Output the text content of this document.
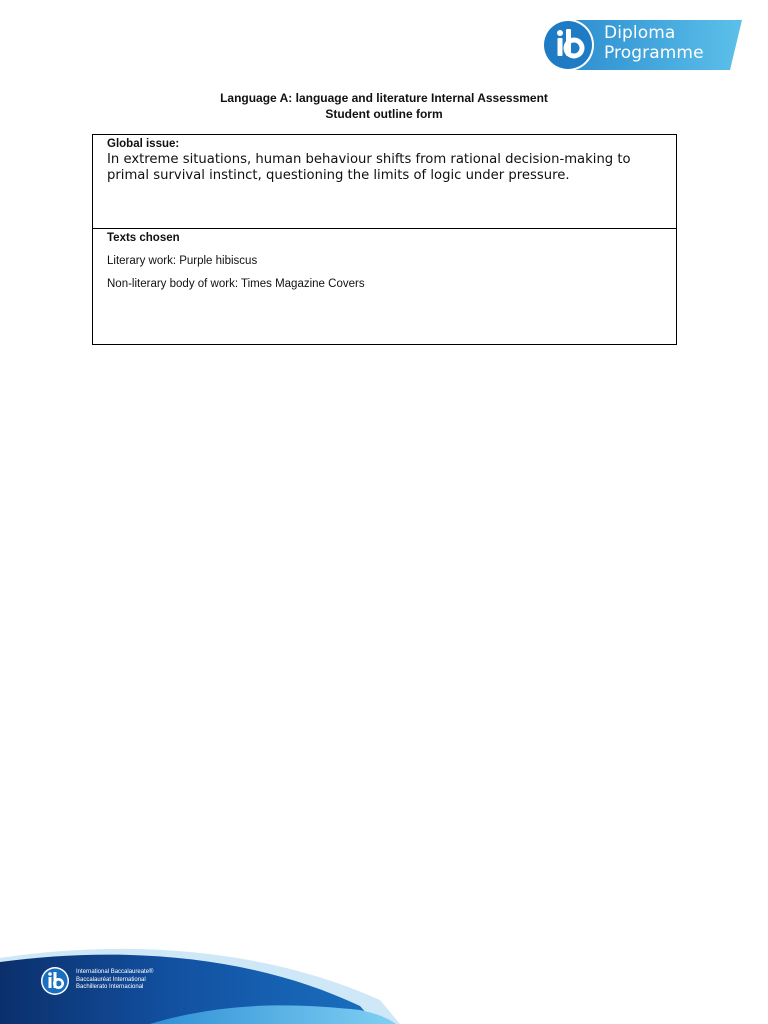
Diploma
Programme
Language A: language and literature Internal Assessment
Student outline form
Global issue:
In extreme situations, human behaviour shifts from rational decision-making to primal survival instinct, questioning the limits of logic under pressure.
Texts chosen
Literary work: Purple hibiscus
Non-literary body of work: Times Magazine Covers
International Baccalaureate®
Baccalauréat International
Bachillerato Internacional
